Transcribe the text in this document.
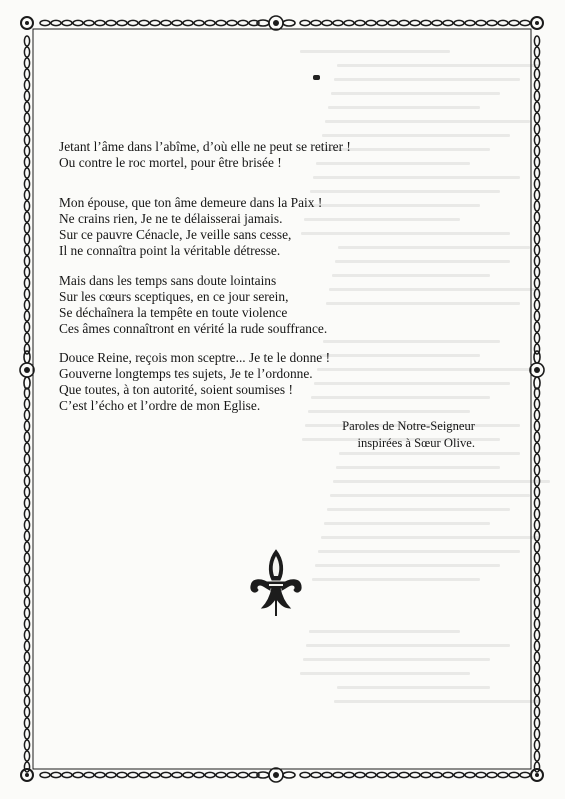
Jetant l’âme dans l’abîme, d’où elle ne peut se retirer !
Ou contre le roc mortel, pour être brisée !
Mon épouse, que ton âme demeure dans la Paix !
Ne crains rien, Je ne te délaisserai jamais.
Sur ce pauvre Cénacle, Je veille sans cesse,
Il ne connaîtra point la véritable détresse.
Mais dans les temps sans doute lointains
Sur les cœurs sceptiques, en ce jour serein,
Se déchaînera la tempête en toute violence
Ces âmes connaîtront en vérité la rude souffrance.
Douce Reine, reçois mon sceptre... Je te le donne !
Gouverne longtemps tes sujets, Je te l’ordonne.
Que toutes, à ton autorité, soient soumises !
C’est l’écho et l’ordre de mon Eglise.
Paroles de Notre-Seigneur
inspirées à Sœur Olive.
